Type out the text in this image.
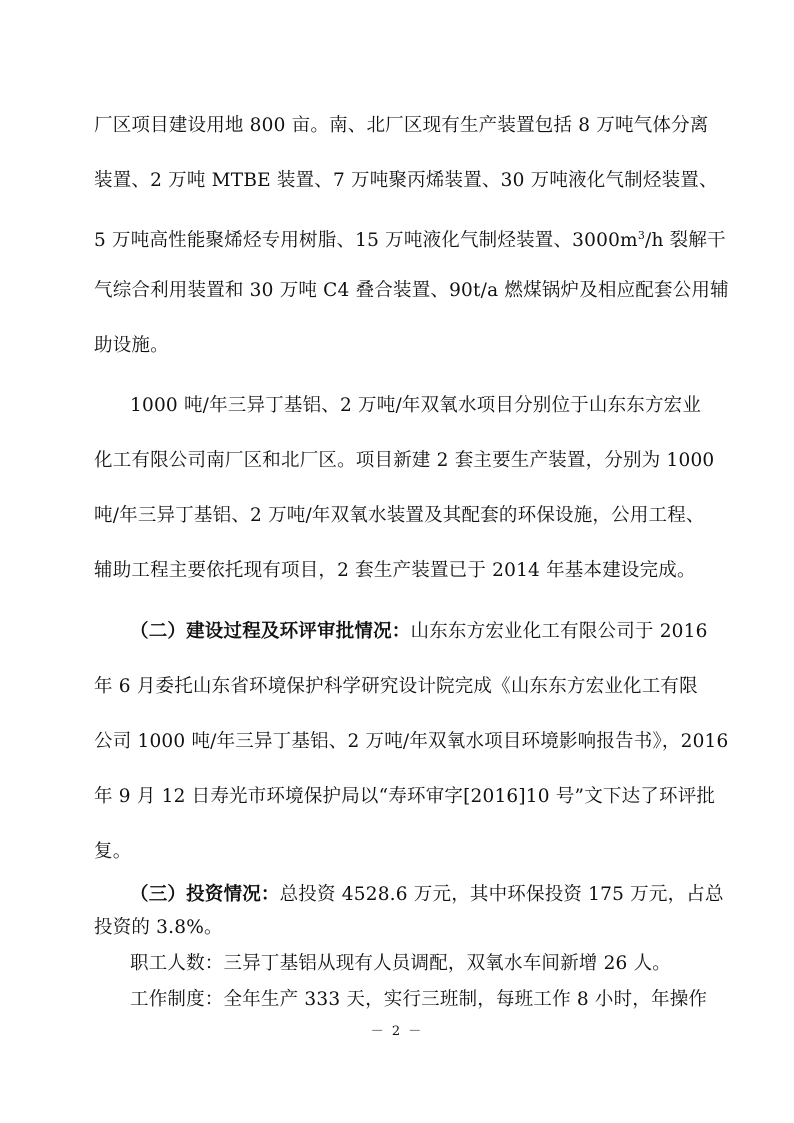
厂区项目建设用地 800 亩。南、北厂区现有生产装置包括 8 万吨气体分离
装置、2 万吨 MTBE 装置、7 万吨聚丙烯装置、30 万吨液化气制烃装置、
5 万吨高性能聚烯烃专用树脂、15 万吨液化气制烃装置、$3000m^3/h$ 裂解干
气综合利用装置和 30 万吨 C4 叠合装置、90t/a 燃煤锅炉及相应配套公用辅
助设施。
1000 吨/年三异丁基铝、2 万吨/年双氧水项目分别位于山东东方宏业
化工有限公司南厂区和北厂区。项目新建 2 套主要生产装置，分别为 1000
吨/年三异丁基铝、2 万吨/年双氧水装置及其配套的环保设施，公用工程、
辅助工程主要依托现有项目，2 套生产装置已于 2014 年基本建设完成。
（二）建设过程及环评审批情况：山东东方宏业化工有限公司于 2016
年 6 月委托山东省环境保护科学研究设计院完成《山东东方宏业化工有限
公司 1000 吨/年三异丁基铝、2 万吨/年双氧水项目环境影响报告书》，2016
年 9 月 12 日寿光市环境保护局以“寿环审字[2016]10 号”文下达了环评批
复。
（三）投资情况：总投资 4528.6 万元，其中环保投资 175 万元，占总
投资的 3.8%。
职工人数：三异丁基铝从现有人员调配，双氧水车间新增 26 人。
工作制度：全年生产 333 天，实行三班制，每班工作 8 小时，年操作
－ 2 －
